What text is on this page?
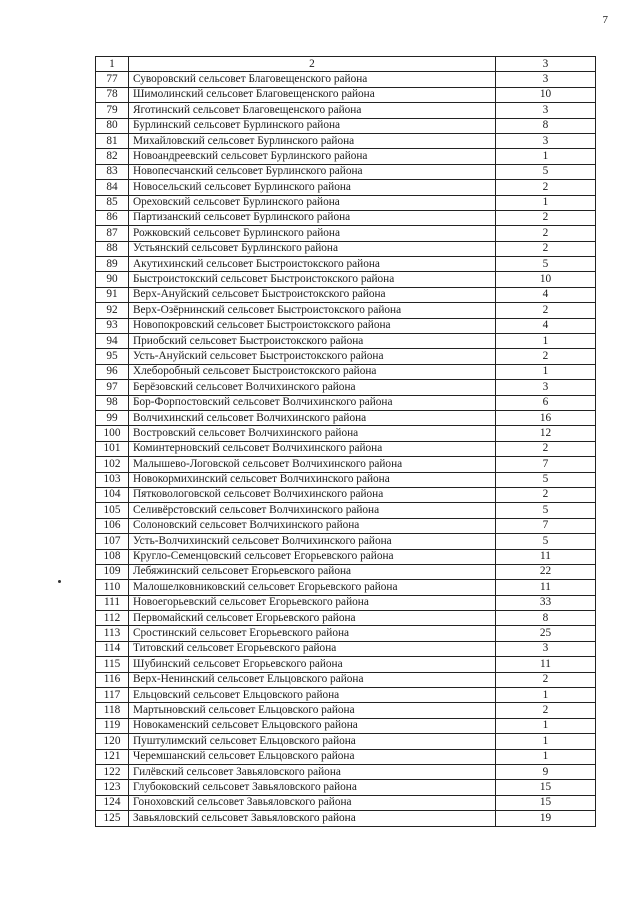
7
1	2	3
77	Суворовский сельсовет Благовещенского района	3
78	Шимолинский сельсовет Благовещенского района	10
79	Яготинский сельсовет Благовещенского района	3
80	Бурлинский сельсовет Бурлинского района	8
81	Михайловский сельсовет Бурлинского района	3
82	Новоандреевский сельсовет Бурлинского района	1
83	Новопесчанский сельсовет Бурлинского района	5
84	Новосельский сельсовет Бурлинского района	2
85	Ореховский сельсовет Бурлинского района	1
86	Партизанский сельсовет Бурлинского района	2
87	Рожковский сельсовет Бурлинского района	2
88	Устьянский сельсовет Бурлинского района	2
89	Акутихинский сельсовет Быстроистокского района	5
90	Быстроистокский сельсовет Быстроистокского района	10
91	Верх-Ануйский сельсовет Быстроистокского района	4
92	Верх-Озёрнинский сельсовет Быстроистокского района	2
93	Новопокровский сельсовет Быстроистокского района	4
94	Приобский сельсовет Быстроистокского района	1
95	Усть-Ануйский сельсовет Быстроистокского района	2
96	Хлеборобный сельсовет Быстроистокского района	1
97	Берёзовский сельсовет Волчихинского района	3
98	Бор-Форпостовский сельсовет Волчихинского района	6
99	Волчихинский сельсовет Волчихинского района	16
100	Востровский сельсовет Волчихинского района	12
101	Коминтерновский сельсовет Волчихинского района	2
102	Малышево-Логовской сельсовет Волчихинского района	7
103	Новокормихинский сельсовет Волчихинского района	5
104	Пятковологовской сельсовет Волчихинского района	2
105	Селивёрстовский сельсовет Волчихинского района	5
106	Солоновский сельсовет Волчихинского района	7
107	Усть-Волчихинский сельсовет Волчихинского района	5
108	Кругло-Семенцовский сельсовет Егорьевского района	11
109	Лебяжинский сельсовет Егорьевского района	22
110	Малошелковниковский сельсовет Егорьевского района	11
111	Новоегорьевский сельсовет Егорьевского района	33
112	Первомайский сельсовет Егорьевского района	8
113	Сростинский сельсовет Егорьевского района	25
114	Титовский сельсовет Егорьевского района	3
115	Шубинский сельсовет Егорьевского района	11
116	Верх-Ненинский сельсовет Ельцовского района	2
117	Ельцовский сельсовет Ельцовского района	1
118	Мартыновский сельсовет Ельцовского района	2
119	Новокаменский сельсовет Ельцовского района	1
120	Пуштулимский сельсовет Ельцовского района	1
121	Черемшанский сельсовет Ельцовского района	1
122	Гилёвский сельсовет Завьяловского района	9
123	Глубоковский сельсовет Завьяловского района	15
124	Гоноховский сельсовет Завьяловского района	15
125	Завьяловский сельсовет Завьяловского района	19
